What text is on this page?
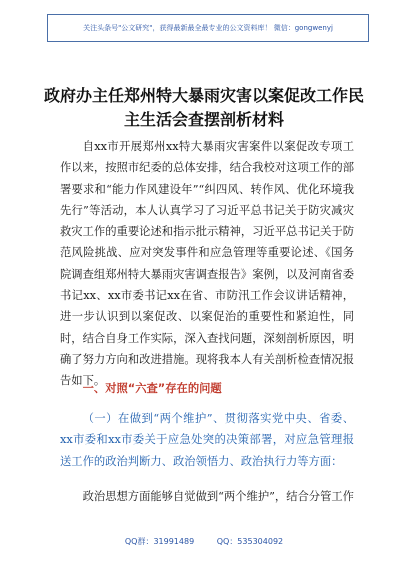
关注头条号"公文研究"，获得最新最全最专业的公文资料库！ 微信：gongwenyj
政府办主任郑州特大暴雨灾害以案促改工作民
主生活会查摆剖析材料

自xx市开展郑州xx特大暴雨灾害案件以案促改专项工作以来，按照市纪委的总体安排，结合我校对这项工作的部署要求和“能力作风建设年”“纠四风、转作风、优化环境我先行”等活动，本人认真学习了习近平总书记关于防灾减灾救灾工作的重要论述和指示批示精神，习近平总书记关于防范风险挑战、应对突发事件和应急管理等重要论述、《国务院调查组郑州特大暴雨灾害调查报告》案例，以及河南省委书记xx、xx市委书记xx在省、市防汛工作会议讲话精神，进一步认识到以案促改、以案促治的重要性和紧迫性，同时，结合自身工作实际，深入查找问题，深刻剖析原因，明确了努力方向和改进措施。现将我本人有关剖析检查情况报告如下。

一、对照“六查”存在的问题

（一）在做到“两个维护”、贯彻落实党中央、省委、xx市委和xx市委关于应急处突的决策部署，对应急管理报送工作的政治判断力、政治领悟力、政治执行力等方面：

政治思想方面能够自觉做到“两个维护”，结合分管工作

QQ群：31991489	QQ：535304092
